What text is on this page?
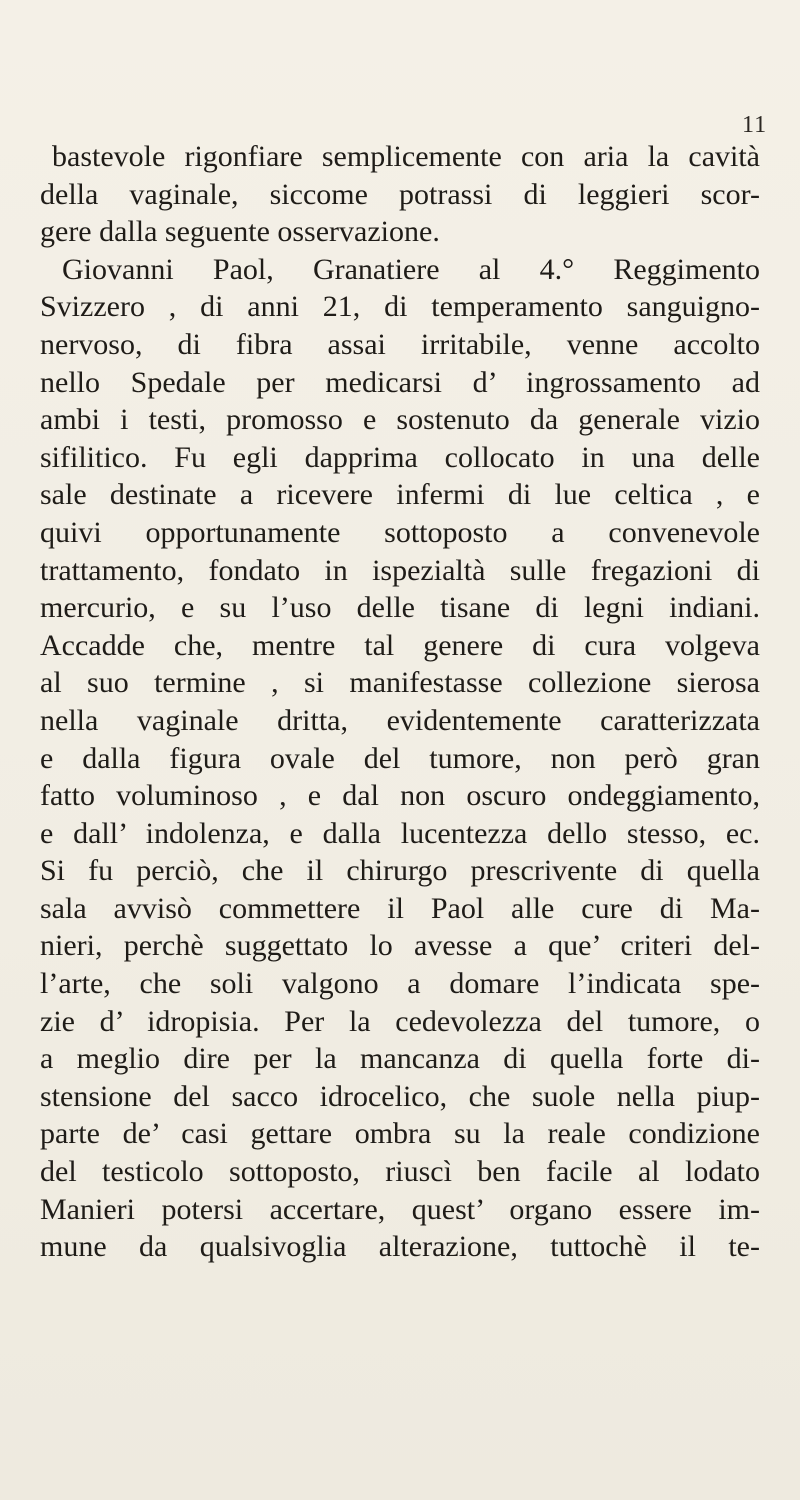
11
bastevole rigonfiare semplicemente con aria la cavità
della vaginale, siccome potrassi di leggieri scor-
gere dalla seguente osservazione.
Giovanni Paol, Granatiere al 4.° Reggimento
Svizzero , di anni 21, di temperamento sanguigno-
nervoso, di fibra assai irritabile, venne accolto
nello Spedale per medicarsi d’ ingrossamento ad
ambi i testi, promosso e sostenuto da generale vizio
sifilitico. Fu egli dapprima collocato in una delle
sale destinate a ricevere infermi di lue celtica , e
quivi opportunamente sottoposto a convenevole
trattamento, fondato in ispezialtà sulle fregazioni di
mercurio, e su l’uso delle tisane di legni indiani.
Accadde che, mentre tal genere di cura volgeva
al suo termine , si manifestasse collezione sierosa
nella vaginale dritta, evidentemente caratterizzata
e dalla figura ovale del tumore, non però gran
fatto voluminoso , e dal non oscuro ondeggiamento,
e dall’ indolenza, e dalla lucentezza dello stesso, ec.
Si fu perciò, che il chirurgo prescrivente di quella
sala avvisò commettere il Paol alle cure di Ma-
nieri, perchè suggettato lo avesse a que’ criteri del-
l’arte, che soli valgono a domare l’indicata spe-
zie d’ idropisia. Per la cedevolezza del tumore, o
a meglio dire per la mancanza di quella forte di-
stensione del sacco idrocelico, che suole nella piup-
parte de’ casi gettare ombra su la reale condizione
del testicolo sottoposto, riuscì ben facile al lodato
Manieri potersi accertare, quest’ organo essere im-
mune da qualsivoglia alterazione, tuttochè il te-
